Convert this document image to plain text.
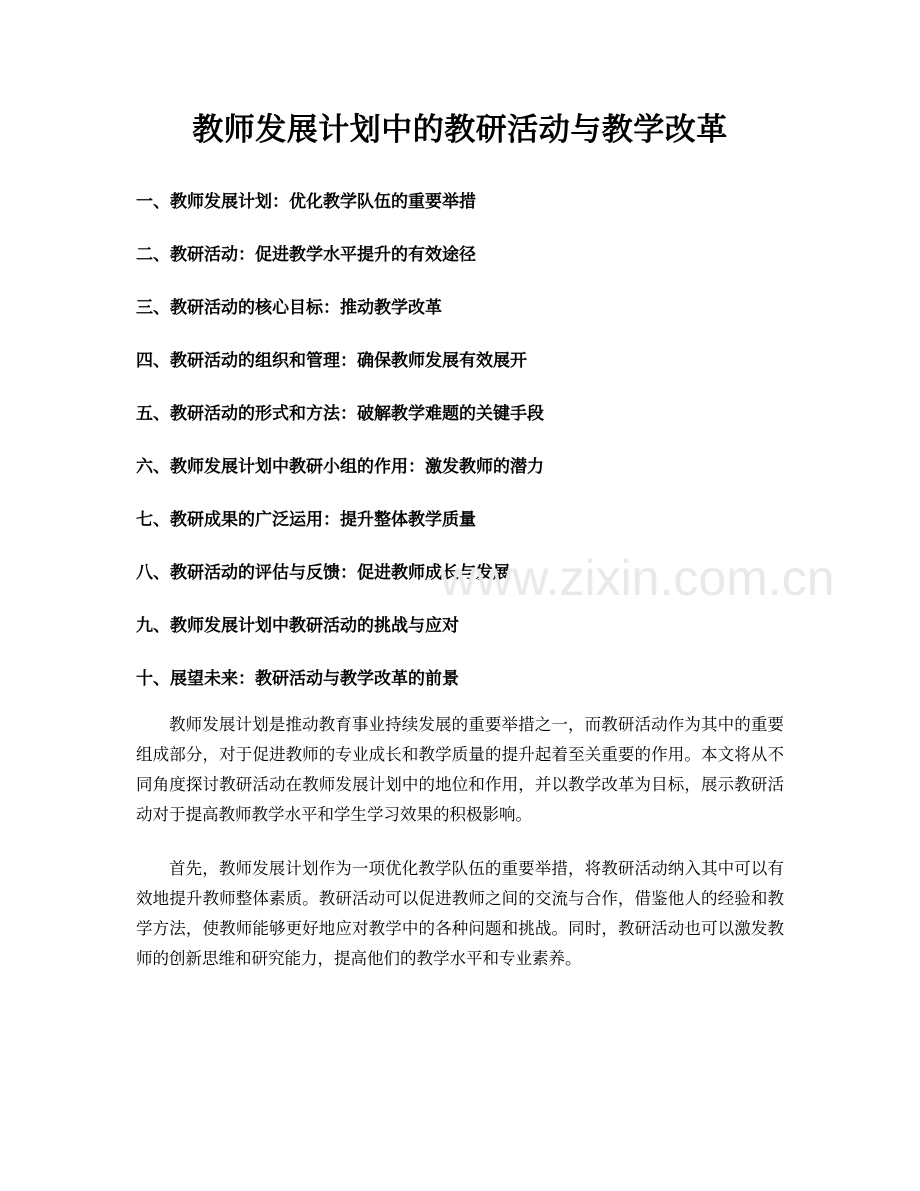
教师发展计划中的教研活动与教学改革
一、教师发展计划：优化教学队伍的重要举措
二、教研活动：促进教学水平提升的有效途径
三、教研活动的核心目标：推动教学改革
四、教研活动的组织和管理：确保教师发展有效展开
五、教研活动的形式和方法：破解教学难题的关键手段
六、教师发展计划中教研小组的作用：激发教师的潜力
七、教研成果的广泛运用：提升整体教学质量
八、教研活动的评估与反馈：促进教师成长与发展
九、教师发展计划中教研活动的挑战与应对
十、展望未来：教研活动与教学改革的前景

教师发展计划是推动教育事业持续发展的重要举措之一，而教研活动作为其中的重要组成部分，对于促进教师的专业成长和教学质量的提升起着至关重要的作用。本文将从不同角度探讨教研活动在教师发展计划中的地位和作用，并以教学改革为目标，展示教研活动对于提高教师教学水平和学生学习效果的积极影响。

首先，教师发展计划作为一项优化教学队伍的重要举措，将教研活动纳入其中可以有效地提升教师整体素质。教研活动可以促进教师之间的交流与合作，借鉴他人的经验和教学方法，使教师能够更好地应对教学中的各种问题和挑战。同时，教研活动也可以激发教师的创新思维和研究能力，提高他们的教学水平和专业素养。

www.zixin.com.cn
